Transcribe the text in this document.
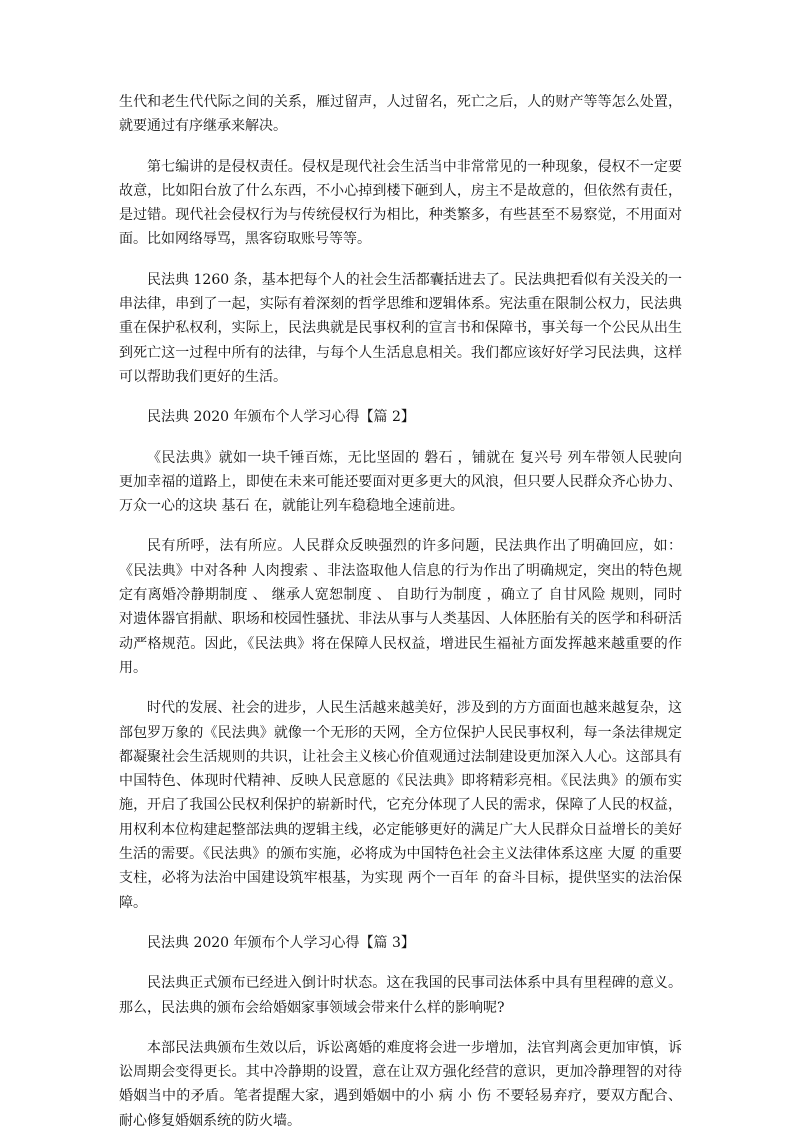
生代和老生代代际之间的关系，雁过留声，人过留名，死亡之后，人的财产等等怎么处置，就要通过有序继承来解决。

第七编讲的是侵权责任。侵权是现代社会生活当中非常常见的一种现象，侵权不一定要故意，比如阳台放了什么东西，不小心掉到楼下砸到人，房主不是故意的，但依然有责任，是过错。现代社会侵权行为与传统侵权行为相比，种类繁多，有些甚至不易察觉，不用面对面。比如网络辱骂，黑客窃取账号等等。

民法典 1260 条，基本把每个人的社会生活都囊括进去了。民法典把看似有关没关的一串法律，串到了一起，实际有着深刻的哲学思维和逻辑体系。宪法重在限制公权力，民法典重在保护私权利，实际上，民法典就是民事权利的宣言书和保障书，事关每一个公民从出生到死亡这一过程中所有的法律，与每个人生活息息相关。我们都应该好好学习民法典，这样可以帮助我们更好的生活。

民法典 2020 年颁布个人学习心得【篇 2】

《民法典》就如一块千锤百炼，无比坚固的 磐石 ，铺就在 复兴号 列车带领人民驶向更加幸福的道路上，即使在未来可能还要面对更多更大的风浪，但只要人民群众齐心协力、万众一心的这块 基石 在，就能让列车稳稳地全速前进。

民有所呼，法有所应。人民群众反映强烈的许多问题，民法典作出了明确回应，如：《民法典》中对各种 人肉搜索 、非法盗取他人信息的行为作出了明确规定，突出的特色规定有离婚冷静期制度 、 继承人宽恕制度 、 自助行为制度 ，确立了 自甘风险 规则，同时对遗体器官捐献、职场和校园性骚扰、非法从事与人类基因、人体胚胎有关的医学和科研活动严格规范。因此，《民法典》将在保障人民权益，增进民生福祉方面发挥越来越重要的作用。

时代的发展、社会的进步，人民生活越来越美好，涉及到的方方面面也越来越复杂，这部包罗万象的《民法典》就像一个无形的天网，全方位保护人民民事权利，每一条法律规定都凝聚社会生活规则的共识，让社会主义核心价值观通过法制建设更加深入人心。这部具有中国特色、体现时代精神、反映人民意愿的《民法典》即将精彩亮相。《民法典》的颁布实施，开启了我国公民权利保护的崭新时代，它充分体现了人民的需求，保障了人民的权益，用权利本位构建起整部法典的逻辑主线，必定能够更好的满足广大人民群众日益增长的美好生活的需要。《民法典》的颁布实施，必将成为中国特色社会主义法律体系这座 大厦 的重要支柱，必将为法治中国建设筑牢根基，为实现 两个一百年 的奋斗目标，提供坚实的法治保障。

民法典 2020 年颁布个人学习心得【篇 3】

民法典正式颁布已经进入倒计时状态。这在我国的民事司法体系中具有里程碑的意义。那么，民法典的颁布会给婚姻家事领域会带来什么样的影响呢?

本部民法典颁布生效以后，诉讼离婚的难度将会进一步增加，法官判离会更加审慎，诉讼周期会变得更长。其中冷静期的设置，意在让双方强化经营的意识，更加冷静理智的对待婚姻当中的矛盾。笔者提醒大家，遇到婚姻中的小 病 小 伤 不要轻易弃疗，要双方配合、耐心修复婚姻系统的防火墙。
